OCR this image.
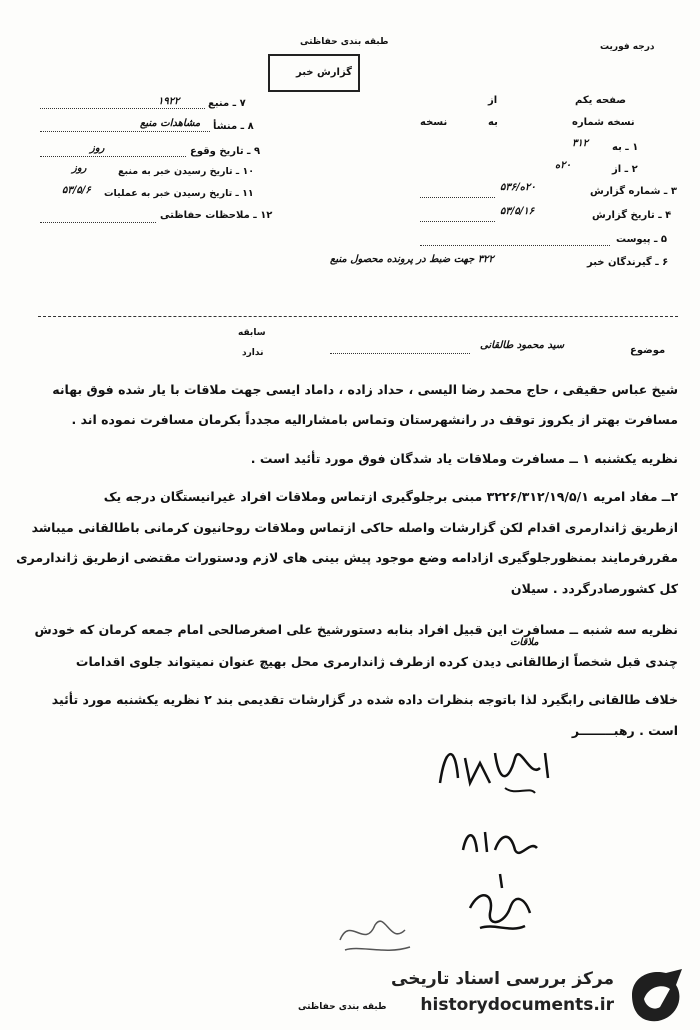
طبقه بندی حفاظتی	درجه فوریت
گزارش خبر
صفحه یکم
از
نسخه شماره
به
نسخه
۷ ـ منبع
۱۹۲۲
۸ ـ منشأ
مشاهدات منبع
۹ ـ تاریخ وقوع
روز
۱۰ ـ تاریخ رسیدن خبر به منبع
روز
۱۱ ـ تاریخ رسیدن خبر به عملیات
۵۳/۵/۶
۱۲ ـ ملاحظات حفاظتی
۱ ـ به
۳۱۲
۲ ـ از
۲۰ه
۳ ـ شماره گزارش
۲۰ه/۵۳۶
۴ ـ تاریخ گزارش
۵۳/۵/۱۶
۵ ـ پیوست
۶ ـ گیرندگان خبر
۳۲۲ جهت ضبط در پرونده محصول منبع
سابقه
ندارد	موضوع
سید محمود طالقانی
شیخ عباس حقیقی ، حاج محمد رضا الیسی ، حداد زاده ، داماد ایسی جهت ملاقات با یار شده فوق بهانه
مسافرت بهتر از یکروز توقف در رانشهرستان وتماس بامشارالیه مجدداً بکرمان مسافرت نموده اند .
نظریه یکشنبه ۱ ــ مسافرت وملاقات یاد شدگان فوق مورد تأئید است .
۲ــ مفاد امریه ۳۲۲۶/۳۱۲/۱۹/۵/۱ مبنی برجلوگیری ازتماس وملاقات افراد غیرانیستگان درجه یک
ازطریق ژاندارمری اقدام لکن گزارشات واصله حاکی ازتماس وملاقات روحانیون کرمانی باطالقانی میباشد
مقررفرمایند بمنظورجلوگیری ازادامه وضع موجود پیش بینی های لازم ودستورات مقتضی ازطریق ژاندارمری
کل کشورصادرگردد . سیلان
نظریه سه شنبه ــ مسافرت این قبیل افراد بنابه دستورشیخ علی اصغرصالحی امام جمعه کرمان که خودش
ملاقات
چندی قبل شخصاً ازطالقانی دیدن کرده ازطرف ژاندارمری محل بهیچ عنوان نمیتواند جلوی اقدامات
خلاف طالقانی رابگیرد لذا باتوجه بنظرات داده شده در گزارشات تقدیمی بند ۲ نظریه یکشنبه مورد تأئید
است . رهبــــــــر
طبقه بندی حفاظتی
مرکز بررسی اسناد تاریخی
historydocuments.ir
